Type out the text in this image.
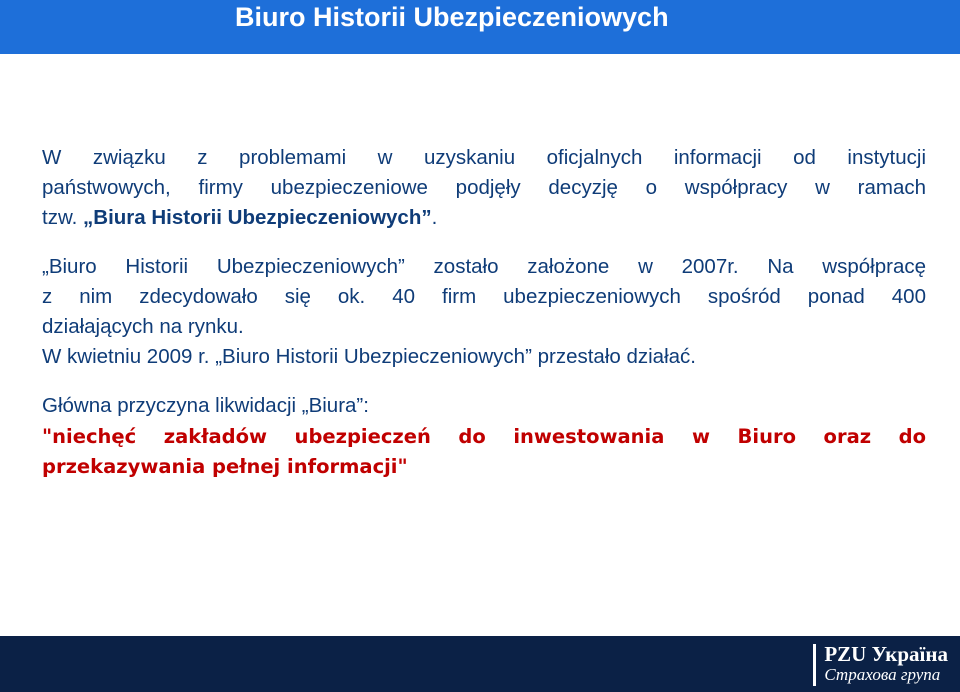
Biuro Historii Ubezpieczeniowych
W związku z problemami w uzyskaniu oficjalnych informacji od instytucji
państwowych, firmy ubezpieczeniowe podjęły decyzję o współpracy w ramach
tzw. „Biura Historii Ubezpieczeniowych”.
„Biuro Historii Ubezpieczeniowych” zostało założone w 2007r. Na współpracę
z nim zdecydowało się ok. 40 firm ubezpieczeniowych spośród ponad 400
działających na rynku.
W kwietniu 2009 r. „Biuro Historii Ubezpieczeniowych” przestało działać.
Główna przyczyna likwidacji „Biura”:
"niechęć zakładów ubezpieczeń do inwestowania w Biuro oraz do
przekazywania pełnej informacji"
PZU Україна
Страхова група
